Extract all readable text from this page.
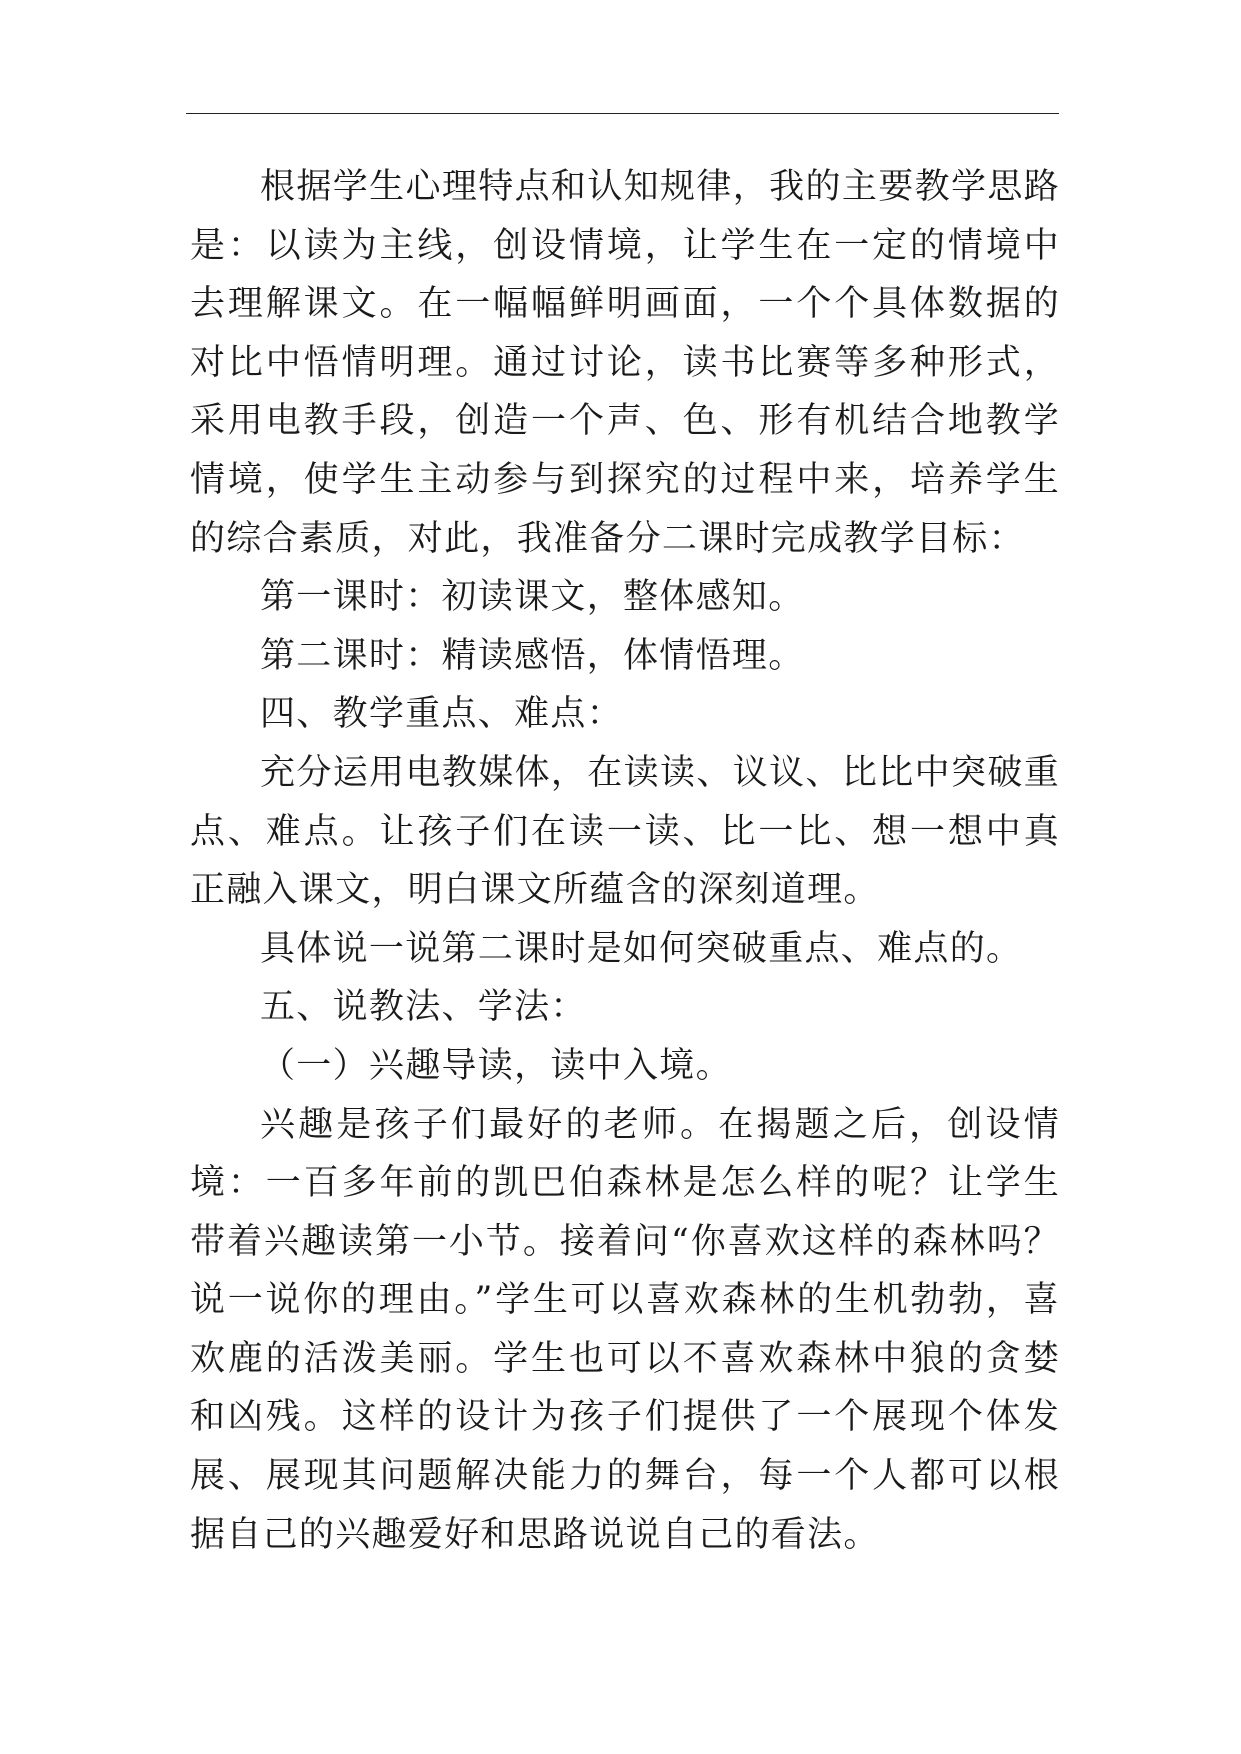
根据学生心理特点和认知规律，我的主要教学思路是：以读为主线，创设情境，让学生在一定的情境中去理解课文。在一幅幅鲜明画面，一个个具体数据的对比中悟情明理。通过讨论，读书比赛等多种形式，采用电教手段，创造一个声、色、形有机结合地教学情境，使学生主动参与到探究的过程中来，培养学生的综合素质，对此，我准备分二课时完成教学目标：

第一课时：初读课文，整体感知。

第二课时：精读感悟，体情悟理。

四、教学重点、难点：

充分运用电教媒体，在读读、议议、比比中突破重点、难点。让孩子们在读一读、比一比、想一想中真正融入课文，明白课文所蕴含的深刻道理。

具体说一说第二课时是如何突破重点、难点的。

五、说教法、学法：

（一）兴趣导读，读中入境。

兴趣是孩子们最好的老师。在揭题之后，创设情境：一百多年前的凯巴伯森林是怎么样的呢？让学生带着兴趣读第一小节。接着问“你喜欢这样的森林吗？说一说你的理由。”学生可以喜欢森林的生机勃勃，喜欢鹿的活泼美丽。学生也可以不喜欢森林中狼的贪婪和凶残。这样的设计为孩子们提供了一个展现个体发展、展现其问题解决能力的舞台，每一个人都可以根据自己的兴趣爱好和思路说说自己的看法。
